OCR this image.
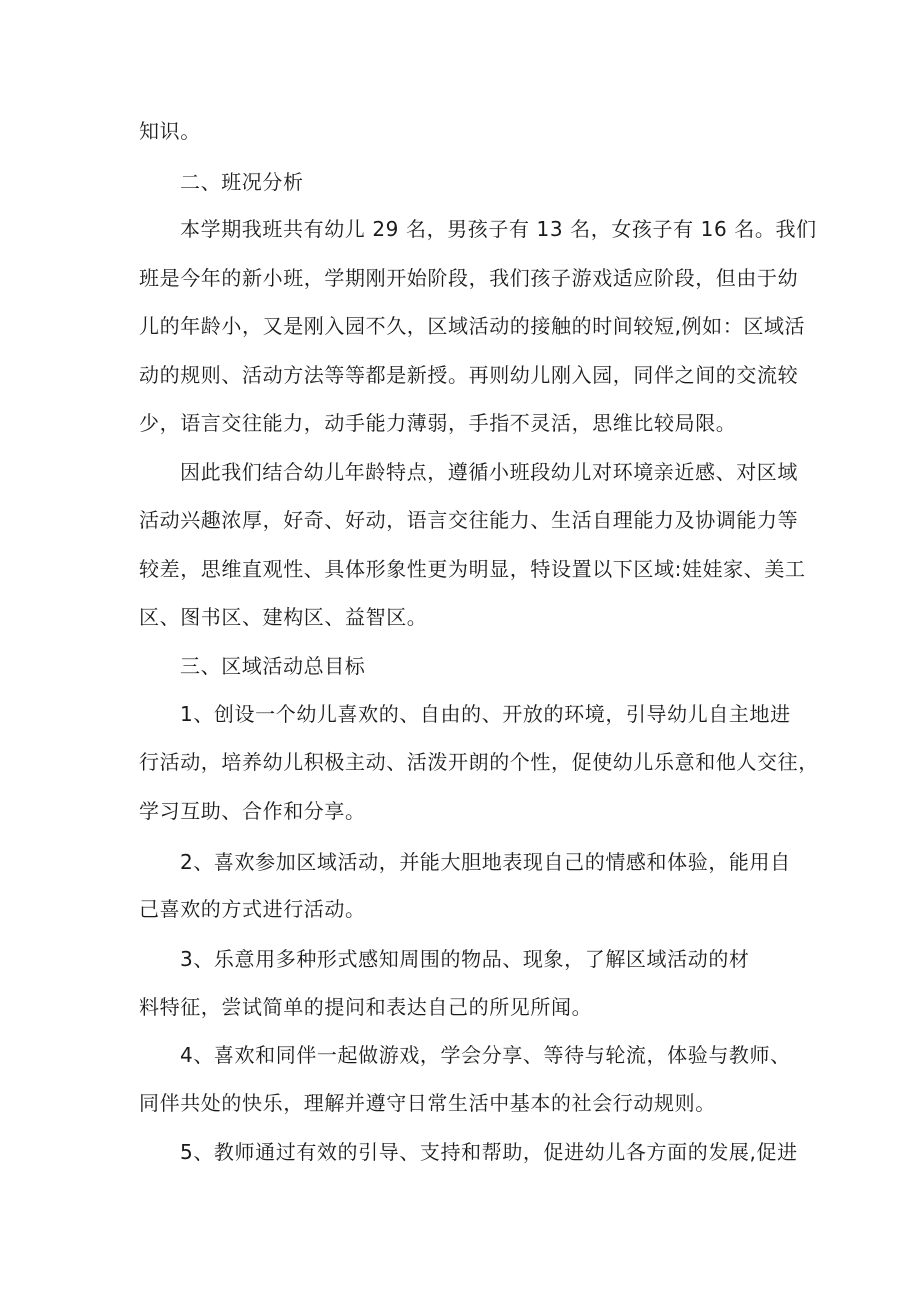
知识。
二、班况分析
本学期我班共有幼儿 29 名，男孩子有 13 名，女孩子有 16 名。我们
班是今年的新小班，学期刚开始阶段，我们孩子游戏适应阶段，但由于幼
儿的年龄小，又是刚入园不久，区域活动的接触的时间较短,例如：区域活
动的规则、活动方法等等都是新授。再则幼儿刚入园，同伴之间的交流较
少，语言交往能力，动手能力薄弱，手指不灵活，思维比较局限。
因此我们结合幼儿年龄特点，遵循小班段幼儿对环境亲近感、对区域
活动兴趣浓厚，好奇、好动，语言交往能力、生活自理能力及协调能力等
较差，思维直观性、具体形象性更为明显，特设置以下区域:娃娃家、美工
区、图书区、建构区、益智区。
三、区域活动总目标
1、创设一个幼儿喜欢的、自由的、开放的环境，引导幼儿自主地进
行活动，培养幼儿积极主动、活泼开朗的个性，促使幼儿乐意和他人交往，
学习互助、合作和分享。
2、喜欢参加区域活动，并能大胆地表现自己的情感和体验，能用自
己喜欢的方式进行活动。
3、乐意用多种形式感知周围的物品、现象，了解区域活动的材
料特征，尝试简单的提问和表达自己的所见所闻。
4、喜欢和同伴一起做游戏，学会分享、等待与轮流，体验与教师、
同伴共处的快乐，理解并遵守日常生活中基本的社会行动规则。
5、教师通过有效的引导、支持和帮助，促进幼儿各方面的发展,促进
